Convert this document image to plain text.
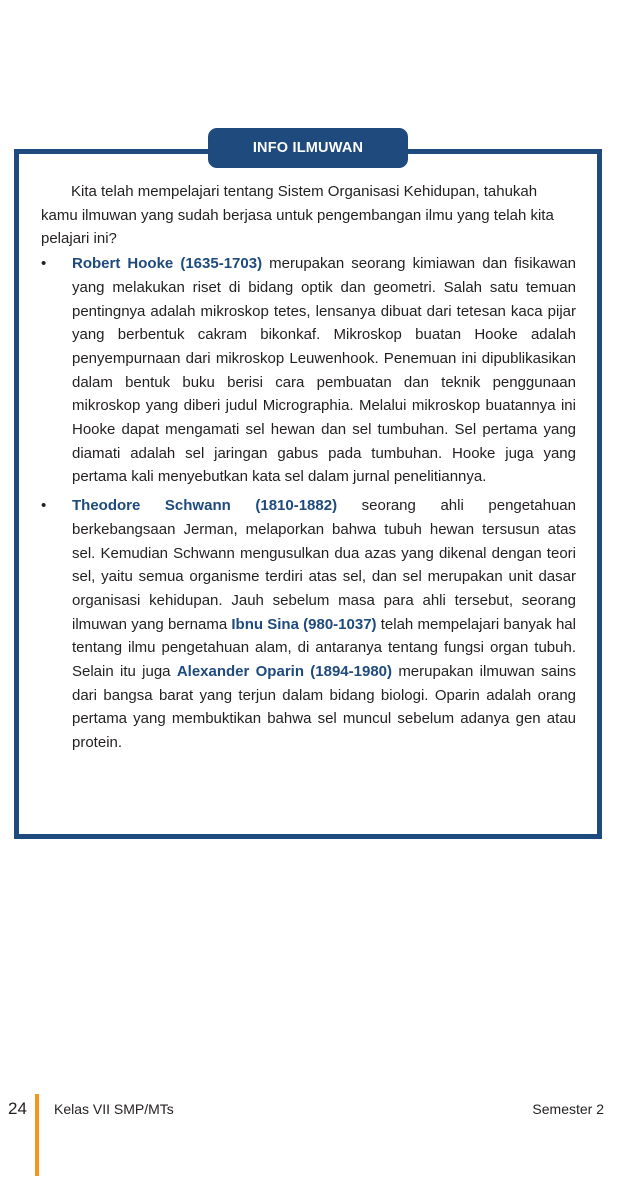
INFO ILMUWAN

Kita telah mempelajari tentang Sistem Organisasi Kehidupan, tahukah kamu ilmuwan yang sudah berjasa untuk pengembangan ilmu yang telah kita pelajari ini?

• Robert Hooke (1635-1703) merupakan seorang kimiawan dan fisikawan yang melakukan riset di bidang optik dan geometri. Salah satu temuan pentingnya adalah mikroskop tetes, lensanya dibuat dari tetesan kaca pijar yang berbentuk cakram bikonkaf. Mikroskop buatan Hooke adalah penyempurnaan dari mikroskop Leuwenhook. Penemuan ini dipublikasikan dalam bentuk buku berisi cara pembuatan dan teknik penggunaan mikroskop yang diberi judul Micrographia. Melalui mikroskop buatannya ini Hooke dapat mengamati sel hewan dan sel tumbuhan. Sel pertama yang diamati adalah sel jaringan gabus pada tumbuhan. Hooke juga yang pertama kali menyebutkan kata sel dalam jurnal penelitiannya.

• Theodore Schwann (1810-1882) seorang ahli pengetahuan berkebangsaan Jerman, melaporkan bahwa tubuh hewan tersusun atas sel. Kemudian Schwann mengusulkan dua azas yang dikenal dengan teori sel, yaitu semua organisme terdiri atas sel, dan sel merupakan unit dasar organisasi kehidupan. Jauh sebelum masa para ahli tersebut, seorang ilmuwan yang bernama Ibnu Sina (980-1037) telah mempelajari banyak hal tentang ilmu pengetahuan alam, di antaranya tentang fungsi organ tubuh. Selain itu juga Alexander Oparin (1894-1980) merupakan ilmuwan sains dari bangsa barat yang terjun dalam bidang biologi. Oparin adalah orang pertama yang membuktikan bahwa sel muncul sebelum adanya gen atau protein.

24 Kelas VII SMP/MTs	Semester 2
